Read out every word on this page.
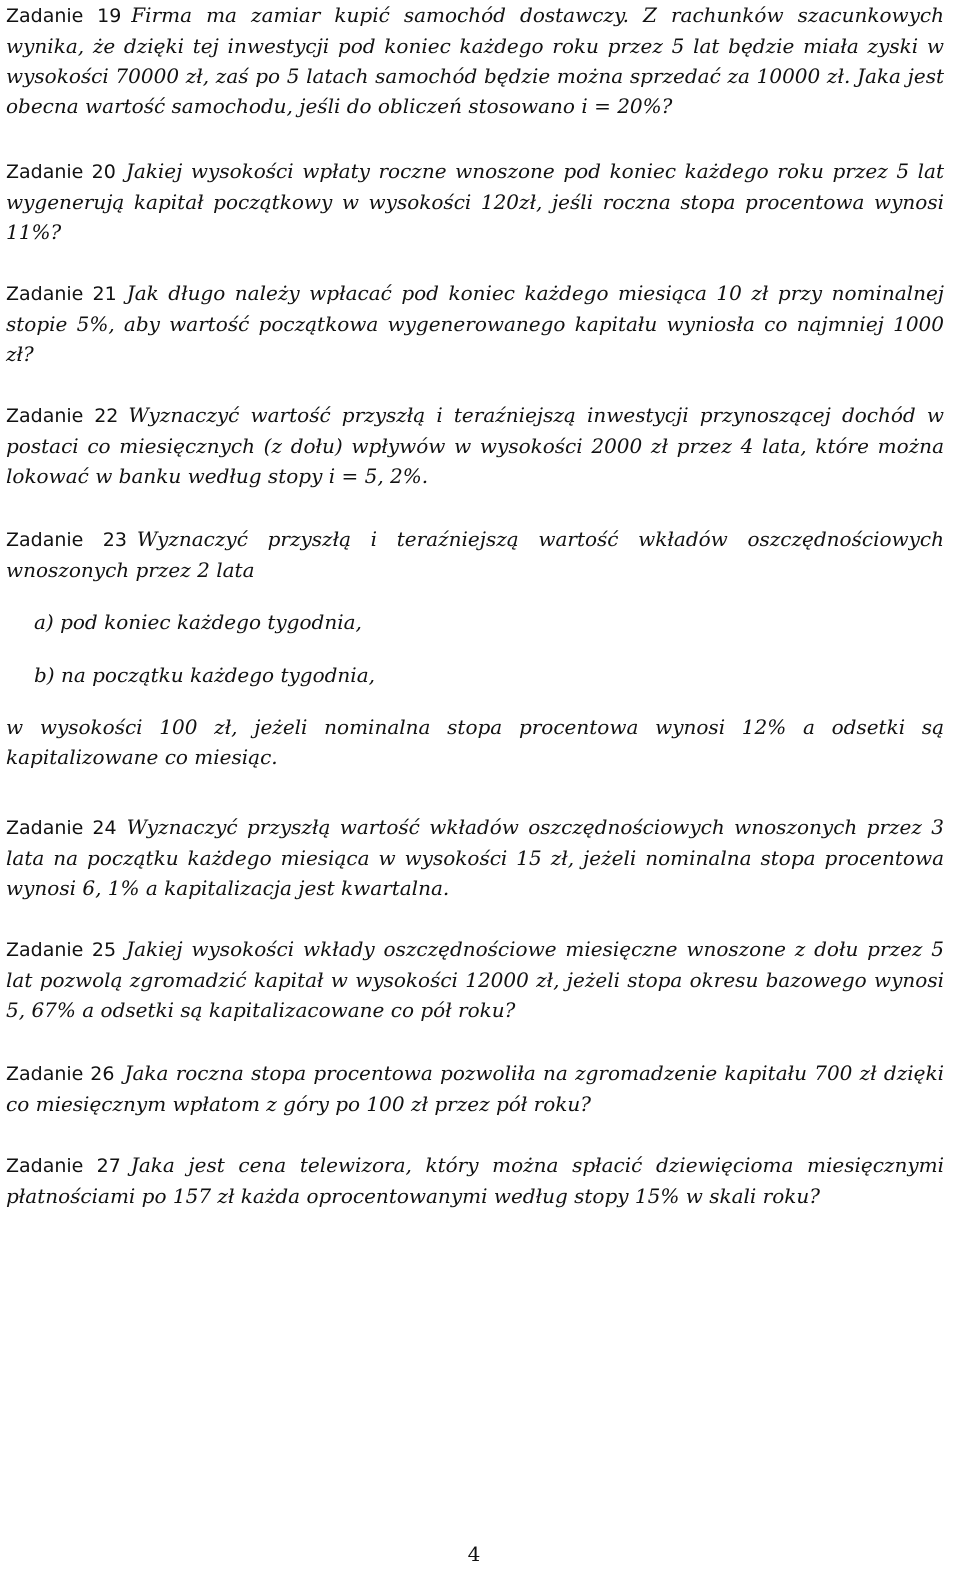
Zadanie 19 Firma ma zamiar kupić samochód dostawczy. Z rachunków szacunkowych wynika, że dzięki tej inwestycji pod koniec każdego roku przez 5 lat będzie miała zyski w wysokości 70000 zł, zaś po 5 latach samochód będzie można sprzedać za 10000 zł. Jaka jest obecna wartość samochodu, jeśli do obliczeń stosowano i = 20%?

Zadanie 20 Jakiej wysokości wpłaty roczne wnoszone pod koniec każdego roku przez 5 lat wygenerują kapitał początkowy w wysokości 120zł, jeśli roczna stopa procentowa wynosi 11%?

Zadanie 21 Jak długo należy wpłacać pod koniec każdego miesiąca 10 zł przy nominalnej stopie 5%, aby wartość początkowa wygenerowanego kapitału wyniosła co najmniej 1000 zł?

Zadanie 22 Wyznaczyć wartość przyszłą i teraźniejszą inwestycji przynoszącej dochód w postaci co miesięcznych (z dołu) wpływów w wysokości 2000 zł przez 4 lata, które można lokować w banku według stopy i = 5, 2%.

Zadanie 23 Wyznaczyć przyszłą i teraźniejszą wartość wkładów oszczędnościowych wnoszonych przez 2 lata

a) pod koniec każdego tygodnia,
b) na początku każdego tygodnia,

w wysokości 100 zł, jeżeli nominalna stopa procentowa wynosi 12% a odsetki są kapitalizowane co miesiąc.

Zadanie 24 Wyznaczyć przyszłą wartość wkładów oszczędnościowych wnoszonych przez 3 lata na początku każdego miesiąca w wysokości 15 zł, jeżeli nominalna stopa procentowa wynosi 6, 1% a kapitalizacja jest kwartalna.

Zadanie 25 Jakiej wysokości wkłady oszczędnościowe miesięczne wnoszone z dołu przez 5 lat pozwolą zgromadzić kapitał w wysokości 12000 zł, jeżeli stopa okresu bazowego wynosi 5, 67% a odsetki są kapitalizacowane co pół roku?

Zadanie 26 Jaka roczna stopa procentowa pozwoliła na zgromadzenie kapitału 700 zł dzięki co miesięcznym wpłatom z góry po 100 zł przez pół roku?

Zadanie 27 Jaka jest cena telewizora, który można spłacić dziewięcioma miesięcznymi płatnościami po 157 zł każda oprocentowanymi według stopy 15% w skali roku?

4
